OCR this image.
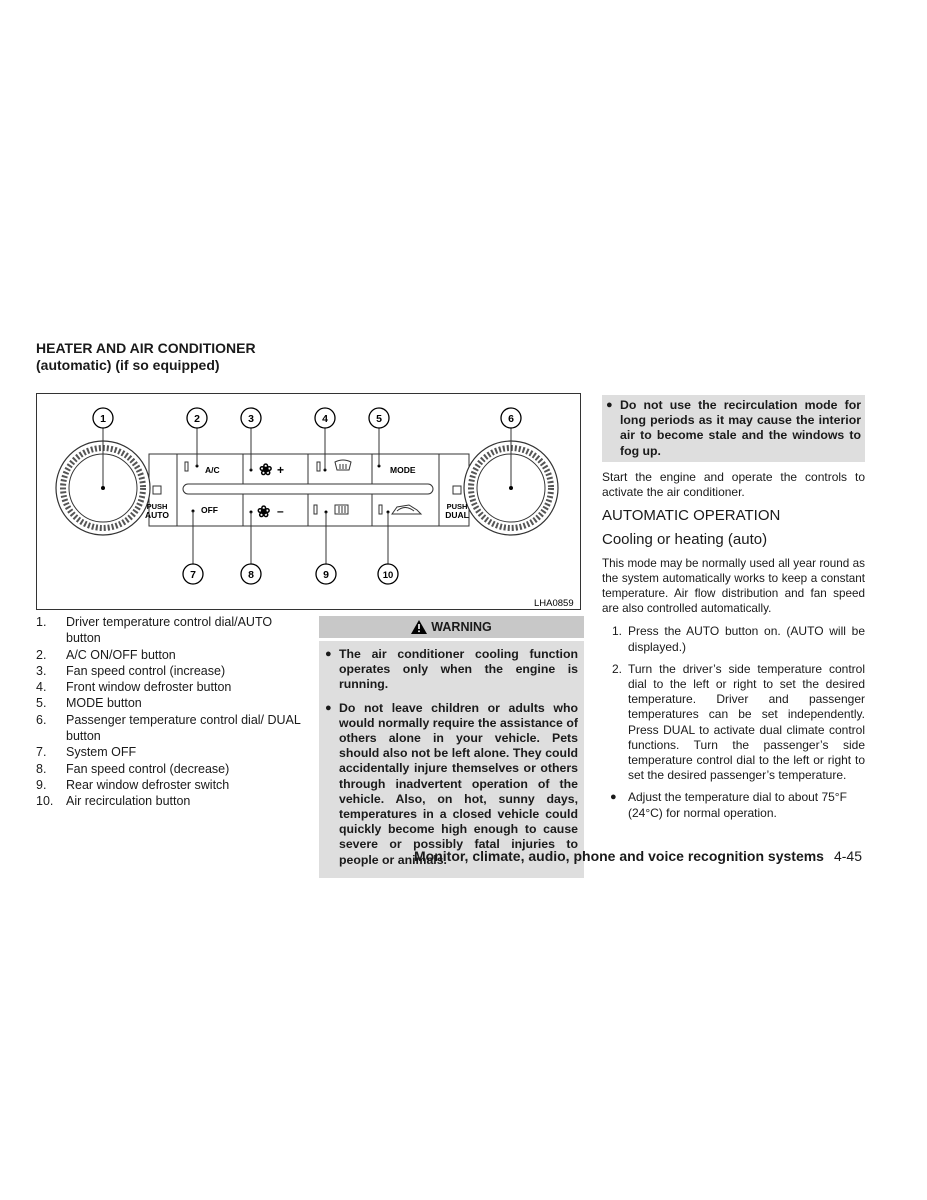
HEATER AND AIR CONDITIONER
(automatic) (if so equipped)
❀
❀
1	2	3	4	5	6
7	8	9	10
A/C	MODE
OFF
+
–
PUSH
AUTO
PUSH
DUAL
LHA0859
1.	Driver temperature control dial/AUTO button
2.	A/C ON/OFF button
3.	Fan speed control (increase)
4.	Front window defroster button
5.	MODE button
6.	Passenger temperature control dial/ DUAL button
7.	System OFF
8.	Fan speed control (decrease)
9.	Rear window defroster switch
10.	Air recirculation button
WARNING
● The air conditioner cooling function operates only when the engine is running.
● Do not leave children or adults who would normally require the assistance of others alone in your vehicle. Pets should also not be left alone. They could accidentally injure themselves or others through inadvertent operation of the vehicle. Also, on hot, sunny days, temperatures in a closed vehicle could quickly become high enough to cause severe or possibly fatal injuries to people or animals.
● Do not use the recirculation mode for long periods as it may cause the interior air to become stale and the windows to fog up.

Start the engine and operate the controls to activate the air conditioner.

AUTOMATIC OPERATION
Cooling or heating (auto)

This mode may be normally used all year round as the system automatically works to keep a constant temperature. Air flow distribution and fan speed are also controlled automatically.

1. Press the AUTO button on. (AUTO will be displayed.)
2. Turn the driver’s side temperature control dial to the left or right to set the desired temperature. Driver and passenger temperatures can be set independently. Press DUAL to activate dual climate control functions. Turn the passenger’s side temperature control dial to the left or right to set the desired passenger’s temperature.
● Adjust the temperature dial to about 75°F (24°C) for normal operation.
Monitor, climate, audio, phone and voice recognition systems 4-45
